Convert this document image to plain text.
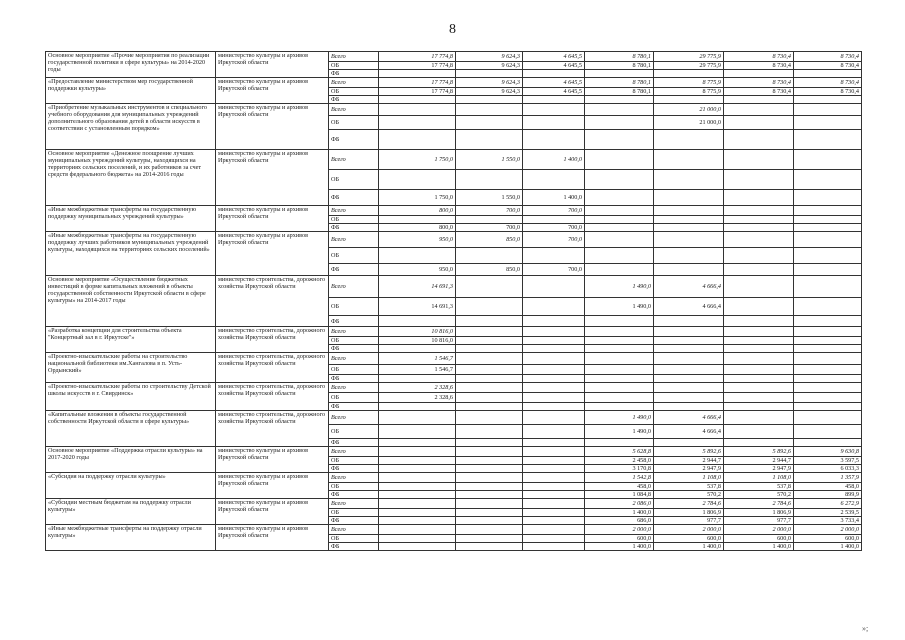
8
Основное мероприятие «Прочие мероприятия по реализации государственной политики в сфере культуры» на 2014-2020 годы	министерство культуры и архивов Иркутской области	Всего	17 774,8	9 624,3	4 645,5	8 780,1	29 775,9	8 730,4	8 730,4
		ОБ	17 774,8	9 624,3	4 645,5	8 780,1	29 775,9	8 730,4	8 730,4
		ФБ							
«Предоставление министерством мер государственной поддержки культуры»	министерство культуры и архивов Иркутской области	Всего	17 774,8	9 624,3	4 645,5	8 780,1	8 775,9	8 730,4	8 730,4
		ОБ	17 774,8	9 624,3	4 645,5	8 780,1	8 775,9	8 730,4	8 730,4
		ФБ							
«Приобретение музыкальных инструментов и специального учебного оборудования для муниципальных учреждений дополнительного образования детей в области искусств в соответствии с установленным порядком»	министерство культуры и архивов Иркутской области	Всего					21 000,0		
		ОБ					21 000,0		
		ФБ							
Основное мероприятие «Денежное поощрение лучших муниципальных учреждений культуры, находящихся на территориях сельских поселений, и их работников за счет средств федерального бюджета» на 2014-2016 годы	министерство культуры и архивов Иркутской области	Всего	1 750,0	1 550,0	1 400,0				
		ОБ							
		ФБ	1 750,0	1 550,0	1 400,0				
«Иные межбюджетные трансферты на государственную поддержку муниципальных учреждений культуры»	министерство культуры и архивов Иркутской области	Всего	800,0	700,0	700,0				
		ОБ							
		ФБ	800,0	700,0	700,0				
«Иные межбюджетные трансферты на государственную поддержку лучших работников муниципальных учреждений культуры, находящихся на территориях сельских поселений»	министерство культуры и архивов Иркутской области	Всего	950,0	850,0	700,0				
		ОБ							
		ФБ	950,0	850,0	700,0				
Основное мероприятие «Осуществление бюджетных инвестиций в форме капитальных вложений в объекты государственной собственности Иркутской области в сфере культуры» на 2014-2017 годы	министерство строительства, дорожного хозяйства Иркутской области	Всего	14 691,3			1 490,0	4 666,4		
		ОБ	14 691,3			1 490,0	4 666,4		
		ФБ							
«Разработка концепции для строительства объекта "Концертный зал в г. Иркутске"»	министерство строительства, дорожного хозяйства Иркутской области	Всего	10 816,0						
		ОБ	10 816,0						
		ФБ							
«Проектно-изыскательские работы на строительство национальной библиотеки им.Хангалова в п. Усть-Ордынский»	министерство строительства, дорожного хозяйства Иркутской области	Всего	1 546,7						
		ОБ	1 546,7						
		ФБ							
«Проектно-изыскательские работы по строительству Детской школы искусств в г. Свирдинск»	министерство строительства, дорожного хозяйства Иркутской области	Всего	2 328,6						
		ОБ	2 328,6						
		ФБ							
«Капитальные вложения в объекты государственной собственности Иркутской области в сфере культуры»	министерство строительства, дорожного хозяйства Иркутской области	Всего				1 490,0	4 666,4		
		ОБ				1 490,0	4 666,4		
		ФБ							
Основное мероприятие «Поддержка отрасли культуры» на 2017-2020 годы	министерство культуры и архивов Иркутской области	Всего				5 628,8	5 892,6	5 892,6	9 630,8
		ОБ				2 458,0	2 944,7	2 944,7	3 597,5
		ФБ				3 170,8	2 947,9	2 947,9	6 033,3
«Субсидия на поддержку отрасли культуры»	министерство культуры и архивов Иркутской области	Всего				1 542,8	1 108,0	1 108,0	1 357,9
		ОБ				458,0	537,8	537,8	458,0
		ФБ				1 084,8	570,2	570,2	899,9
«Субсидии местным бюджетам на поддержку отрасли культуры»	министерство культуры и архивов Иркутской области	Всего				2 086,0	2 784,6	2 784,6	6 272,9
		ОБ				1 400,0	1 806,9	1 806,9	2 539,5
		ФБ				686,0	977,7	977,7	3 733,4
«Иные межбюджетные трансферты на поддержку отрасли культуры»	министерство культуры и архивов Иркутской области	Всего				2 000,0	2 000,0	2 000,0	2 000,0
		ОБ				600,0	600,0	600,0	600,0
		ФБ				1 400,0	1 400,0	1 400,0	1 400,0
»;
